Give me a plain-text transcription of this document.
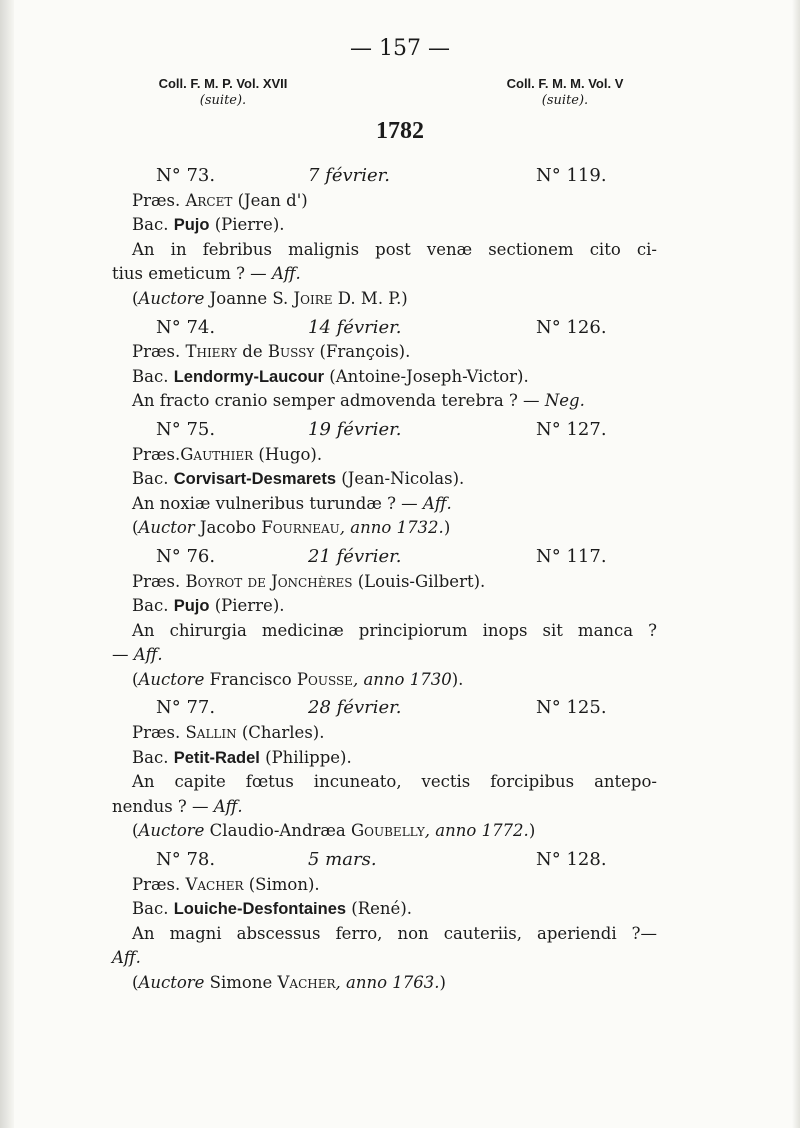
— 157 —
Coll. F. M. P. Vol. XVII
(suite).
Coll. F. M. M. Vol. V
(suite).
1782
N° 73.	7 février.	N° 119.
Præs. Arcet (Jean d')
Bac. Pujo (Pierre).
An in febribus malignis post venæ sectionem cito ci-
tius emeticum ? — Aff.
(Auctore Joanne S. Joire D. M. P.)
N° 74.	14 février.	N° 126.
Præs. Thiery de Bussy (François).
Bac. Lendormy-Laucour (Antoine-Joseph-Victor).
An fracto cranio semper admovenda terebra ? — Neg.
N° 75.	19 février.	N° 127.
Præs.Gauthier (Hugo).
Bac. Corvisart-Desmarets (Jean-Nicolas).
An noxiæ vulneribus turundæ ? — Aff.
(Auctor Jacobo Fourneau, anno 1732.)
N° 76.	21 février.	N° 117.
Præs. Boyrot de Jonchères (Louis-Gilbert).
Bac. Pujo (Pierre).
An chirurgia medicinæ principiorum inops sit manca ?
— Aff.
(Auctore Francisco Pousse, anno 1730).
N° 77.	28 février.	N° 125.
Præs. Sallin (Charles).
Bac. Petit-Radel (Philippe).
An capite fœtus incuneato, vectis forcipibus antepo-
nendus ? — Aff.
(Auctore Claudio-Andræa Goubelly, anno 1772.)
N° 78.	5 mars.	N° 128.
Præs. Vacher (Simon).
Bac. Louiche-Desfontaines (René).
An magni abscessus ferro, non cauteriis, aperiendi ?—
Aff.
(Auctore Simone Vacher, anno 1763.)
